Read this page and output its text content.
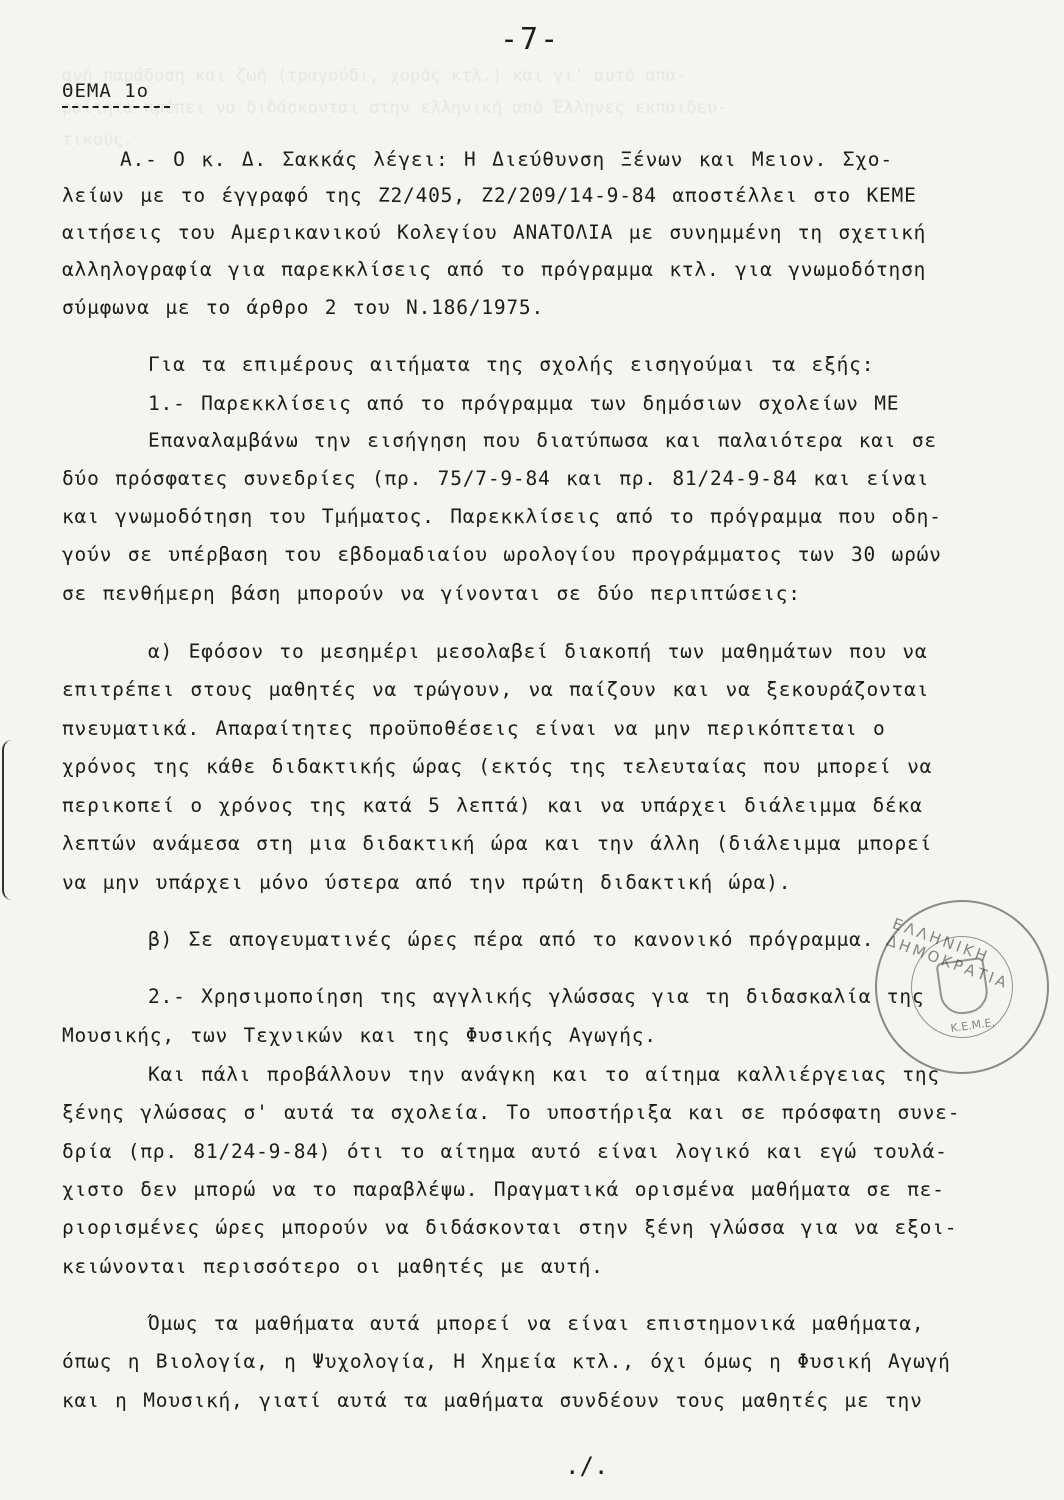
ανή παράδοση και ζωή (τραγούδι, χορός κτλ.) και γι' αυτό απα-
ραίτητα πρέπει να διδάσκονται στην ελληνική από Έλληνες εκπαιδευ-
τικούς.
-7-
ΘΕΜΑ 1ο
Α.- Ο κ. Δ. Σακκάς λέγει: Η Διεύθυνση Ξένων και Μειον. Σχο-
λείων με το έγγραφό της Ζ2/405, Ζ2/209/14-9-84 αποστέλλει στο ΚΕΜΕ
αιτήσεις του Αμερικανικού Κολεγίου ΑΝΑΤΟΛΙΑ με συνημμένη τη σχετική
αλληλογραφία για παρεκκλίσεις από το πρόγραμμα κτλ. για γνωμοδότηση
σύμφωνα με το άρθρο 2 του Ν.186/1975.
Για τα επιμέρους αιτήματα της σχολής εισηγούμαι τα εξής:
1.- Παρεκκλίσεις από το πρόγραμμα των δημόσιων σχολείων ΜΕ
Επαναλαμβάνω την εισήγηση που διατύπωσα και παλαιότερα και σε
δύο πρόσφατες συνεδρίες (πρ. 75/7-9-84 και πρ. 81/24-9-84 και είναι
και γνωμοδότηση του Τμήματος. Παρεκκλίσεις από το πρόγραμμα που οδη-
γούν σε υπέρβαση του εβδομαδιαίου ωρολογίου προγράμματος των 30 ωρών
σε πενθήμερη βάση μπορούν να γίνονται σε δύο περιπτώσεις:
α) Εφόσον το μεσημέρι μεσολαβεί διακοπή των μαθημάτων που να
επιτρέπει στους μαθητές να τρώγουν, να παίζουν και να ξεκουράζονται
πνευματικά. Απαραίτητες προϋποθέσεις είναι να μην περικόπτεται ο
χρόνος της κάθε διδακτικής ώρας (εκτός της τελευταίας που μπορεί να
περικοπεί ο χρόνος της κατά 5 λεπτά) και να υπάρχει διάλειμμα δέκα
λεπτών ανάμεσα στη μια διδακτική ώρα και την άλλη (διάλειμμα μπορεί
να μην υπάρχει μόνο ύστερα από την πρώτη διδακτική ώρα).
β) Σε απογευματινές ώρες πέρα από το κανονικό πρόγραμμα.
2.- Χρησιμοποίηση της αγγλικής γλώσσας για τη διδασκαλία της
Μουσικής, των Τεχνικών και της Φυσικής Αγωγής.
Και πάλι προβάλλουν την ανάγκη και το αίτημα καλλιέργειας της
ξένης γλώσσας σ' αυτά τα σχολεία. Το υποστήριξα και σε πρόσφατη συνε-
δρία (πρ. 81/24-9-84) ότι το αίτημα αυτό είναι λογικό και εγώ τουλά-
χιστο δεν μπορώ να το παραβλέψω. Πραγματικά ορισμένα μαθήματα σε πε-
ριορισμένες ώρες μπορούν να διδάσκονται στην ξένη γλώσσα για να εξοι-
κειώνονται περισσότερο οι μαθητές με αυτή.
Όμως τα μαθήματα αυτά μπορεί να είναι επιστημονικά μαθήματα,
όπως η Βιολογία, η Ψυχολογία, Η Χημεία κτλ., όχι όμως η Φυσική Αγωγή
και η Μουσική, γιατί αυτά τα μαθήματα συνδέουν τους μαθητές με την
./.
ΕΛΛΗΝΙΚΗ ΔΗΜΟΚΡΑΤΙΑ
Κ.Ε.Μ.Ε.
